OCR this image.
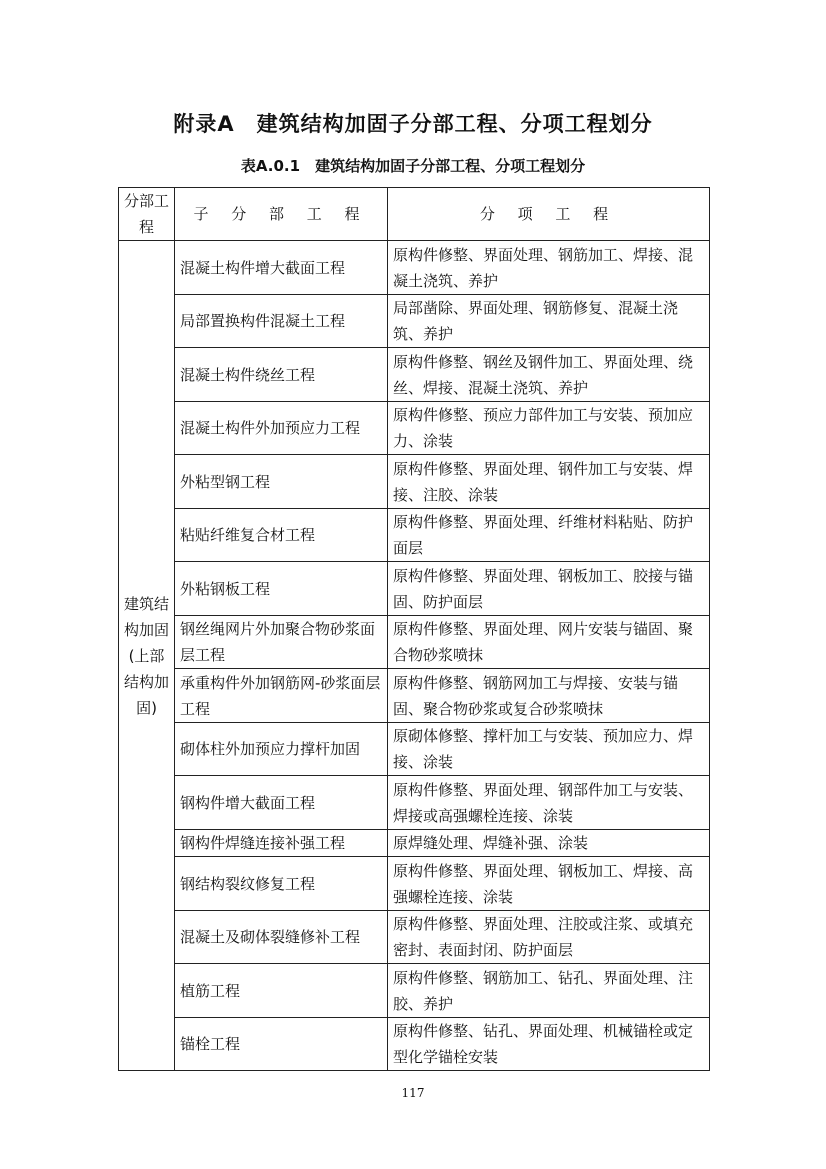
附录A　建筑结构加固子分部工程、分项工程划分
表A.0.1　建筑结构加固子分部工程、分项工程划分
分部工程	子 分 部 工 程	分 项 工 程
建筑结构加固(上部结构加固)	混凝土构件增大截面工程	原构件修整、界面处理、钢筋加工、焊接、混凝土浇筑、养护
	局部置换构件混凝土工程	局部凿除、界面处理、钢筋修复、混凝土浇筑、养护
	混凝土构件绕丝工程	原构件修整、钢丝及钢件加工、界面处理、绕丝、焊接、混凝土浇筑、养护
	混凝土构件外加预应力工程	原构件修整、预应力部件加工与安装、预加应力、涂装
	外粘型钢工程	原构件修整、界面处理、钢件加工与安装、焊接、注胶、涂装
	粘贴纤维复合材工程	原构件修整、界面处理、纤维材料粘贴、防护面层
	外粘钢板工程	原构件修整、界面处理、钢板加工、胶接与锚固、防护面层
	钢丝绳网片外加聚合物砂浆面层工程	原构件修整、界面处理、网片安装与锚固、聚合物砂浆喷抹
	承重构件外加钢筋网-砂浆面层工程	原构件修整、钢筋网加工与焊接、安装与锚固、聚合物砂浆或复合砂浆喷抹
	砌体柱外加预应力撑杆加固	原砌体修整、撑杆加工与安装、预加应力、焊接、涂装
	钢构件增大截面工程	原构件修整、界面处理、钢部件加工与安装、焊接或高强螺栓连接、涂装
	钢构件焊缝连接补强工程	原焊缝处理、焊缝补强、涂装
	钢结构裂纹修复工程	原构件修整、界面处理、钢板加工、焊接、高强螺栓连接、涂装
	混凝土及砌体裂缝修补工程	原构件修整、界面处理、注胶或注浆、或填充密封、表面封闭、防护面层
	植筋工程	原构件修整、钢筋加工、钻孔、界面处理、注胶、养护
	锚栓工程	原构件修整、钻孔、界面处理、机械锚栓或定型化学锚栓安装
117
